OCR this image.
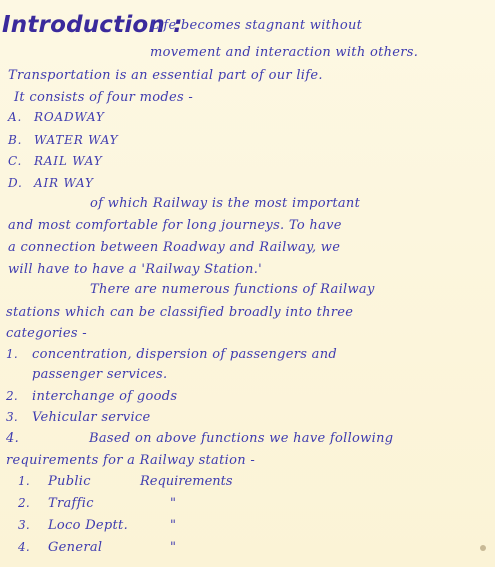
Introduction :
Life becomes stagnant without
movement and interaction with others.
Transportation is an essential part of our life.
It consists of four modes -
A. ROADWAY
B. WATER WAY
C. RAIL WAY
D. AIR WAY
of which Railway is the most important
and most comfortable for long journeys. To have
a connection between Roadway and Railway, we
will have to have a 'Railway Station.'
There are numerous functions of Railway
stations which can be classified broadly into three
categories -
1. concentration, dispersion of passengers and
passenger services.
2. interchange of goods
3. Vehicular service
4.	Based on above functions we have following
requirements for a Railway station -
1. Public	Requirements
2. Traffic	"
3. Loco Deptt.	"
4. General	"
